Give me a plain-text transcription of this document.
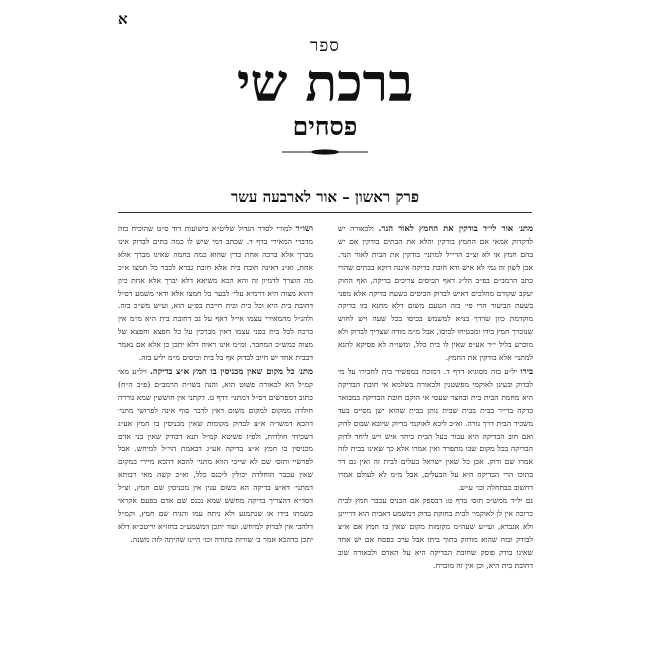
א
ספר
ברכת שי
פסחים
פרק ראשון – אור לארבעה עשר

מתנ׳ אור לי״ד בודקין את החמץ לאור הנר. ולכאורה יש לדקדוק אמאי אם החמץ בודקין והלא את הבתים בודקין אם יש בהם חמץ או לא וצ״ב הרי״ל למתני׳ בודקין את הבית לאור הנר. אכן לשון זה נמי לא איש ודא חובת בדיקה איננה דוקא בבתים שהרי כתב הרמב״ם בפ״ב הל״ג דאף הכיסים צריכים בדיקה, ואף החוק יעקב שקודם מהלכים דאיש לבדוק הכיסים בשעת בדיקה אלא מפני בשעת הביעור הרי פי׳ בזה הטעם משום דלא מחנא בזו בדיקה מוקדמת כיון שרדך בנ״א למשמש בכיסו בכל שעה ויש לחוש שנוכרך חמץ בידו ומבטיחו לכיסו, אבל מ״מ מודה שצריך לבדוק ולא מוכרע בליל י״ד אע״פ שאין לו בית כלל, ומשו״ה לא פסיקא להנא למתני׳ אלא בודקין את החמץ.

בירו יל״ע בזה מסוגיא דדף ד. דמוכח במפשיר בית לחבירו על מי לבדוק ובעינן לאוקמי מפשטנין ולכאורה בשלמא אי חובת הבדיקה היא מחמת הבית בית ובחצר שעסי אי הוקם חובת הבדיקה במבואר בדקה בדייר בבית בבית שבית נותן בבית שהוא ישן מסיים בעד משכיר הבית דרך גזרה. וא״כ ליכא לאוקמי בדיוק שיובא שבוס לדוק ואם חוב הבדיקה היא עבור בעל הבית ביחד איש ויש ליחד לדוק הבדיקה בכל מקום שבו מתפרד ואין אמרו אלא כך שאינו בבית לזה אמרו שם ודוק. אכן כל שאין ישראל בעלים לבית זה ואין גם דר בתוכו הרי הבדיקה היא על הבעלים, אבל מ״מ לא לעולם אמרו דחשוב כבתחלה וכו׳ ע״ש.

נם יל״ד ממש״כ תוס׳ בדף ט: דבספק אם הכניס עכבר חמץ לבית כרוכה אין לן לאוקמי׳ לבית בחזקת בדוק דמשמע דאבית הוא דרייינן ולא אגברא, ועי״ע שעה״מ מקומות מקום שאין בו חמץ אם א״צ לבודק ובזה שהוא מוחזק בתוך ביתו אבל ערב בפסח אם יש אחד שאינו בודק פוסק שחובת הבדיקה היא על האדם ולכאורה שוב דחובת בית היא, וכן אין זה מוכרח.

ושו״ר למורי לסדר הגדול שליט״א בישועות דוד ס״ט שהוכיח בזה מדברי המאירי בדף ד. שכתב דמי שיש לו כמה בתים לבדוק אינו מברך אלא ברכה אחת כדין שהוא כמה בחמה שאינו מברך אלא אחת, וא״נ דאינה חובת בית אלא חובת גברא לכבר כל חמצו א״כ מה הוצרך לדמיון זה והא הכא משיאא דלא יברך אלא אחת כיון דהוא מצוה היא דרמיא עלי׳ לבער כל חמצו אלא ודאי משמע דס״ל דחובת בית היא וכל כית ובית חייבת בפ״ע הוא, וע״ש מש״כ בזה. ולהנ״ל מהמאירי עצמו אי״ל דאף על גב דחובת בית היא מ״מ אין ברכה לכל בית בפני עצמו דאין מברכין על כל חפצא וחפצא של מצוה כמש״כ המחבר. ומ״מ אינו ראיה דלא יתכן כן אלא אם נאמר דבבית אחד יש חיוב לבדוק אף כל בית וכיסים מ״מ יליע בזה.

מתנ׳ כל מקום שאין מכניסין בו חמץ א״צ בדיקה. ויל״ע מאי קמ״ל הא לכאורה פשוט הוא, והנה בשו״ת הרמב״ם (פ״ב ה״ח) כתוב דמפרשים דס״ל דמתני׳ דדף ט. דקתני אין חוששין שמא גוררה חולדה ממקום למקום משום דאין לדבר סוף אינה לפרושי מתני׳ דהכא דמשו״ה א״צ לבדוק מקומות שאין מכניסין בו חמץ אע״ג דשכיחי חולדות, ולפ״ז פשיטא קמ״ל תנא דבודק שאין בני אדם מכניסין בו חמץ א״צ בדיקה אע״ג דבאמת הוי״ל למיחש. אבל לפרשיי ותוס׳ שם לא שייכי הווא מתני׳ להכא דהכא מיירי במקום שאין עכבר חוחלדה יכולין ליכנס כלל, וא״כ קשה מאי רבותא דמתני׳ דא״צ בדיקה הא בשום ענין אין מכניסין שם חמץ, וצ״ל דסד״א דהצריך בדיקה מחשש שמא נכנס שם אדם בפעם אקראי כשמתו בידו או שנתמנע ולא ניתח עמו והניח שם חמץ, וקמ״ל דלהכי אין לבדוק למיחש. ועוד יתכן דמשמע״כ בחזו״א וריטב״א דלא יתכן כדהכא אמר ב׳ שורות בתורה וכו׳ היינו שהיתה לזה משנה.
